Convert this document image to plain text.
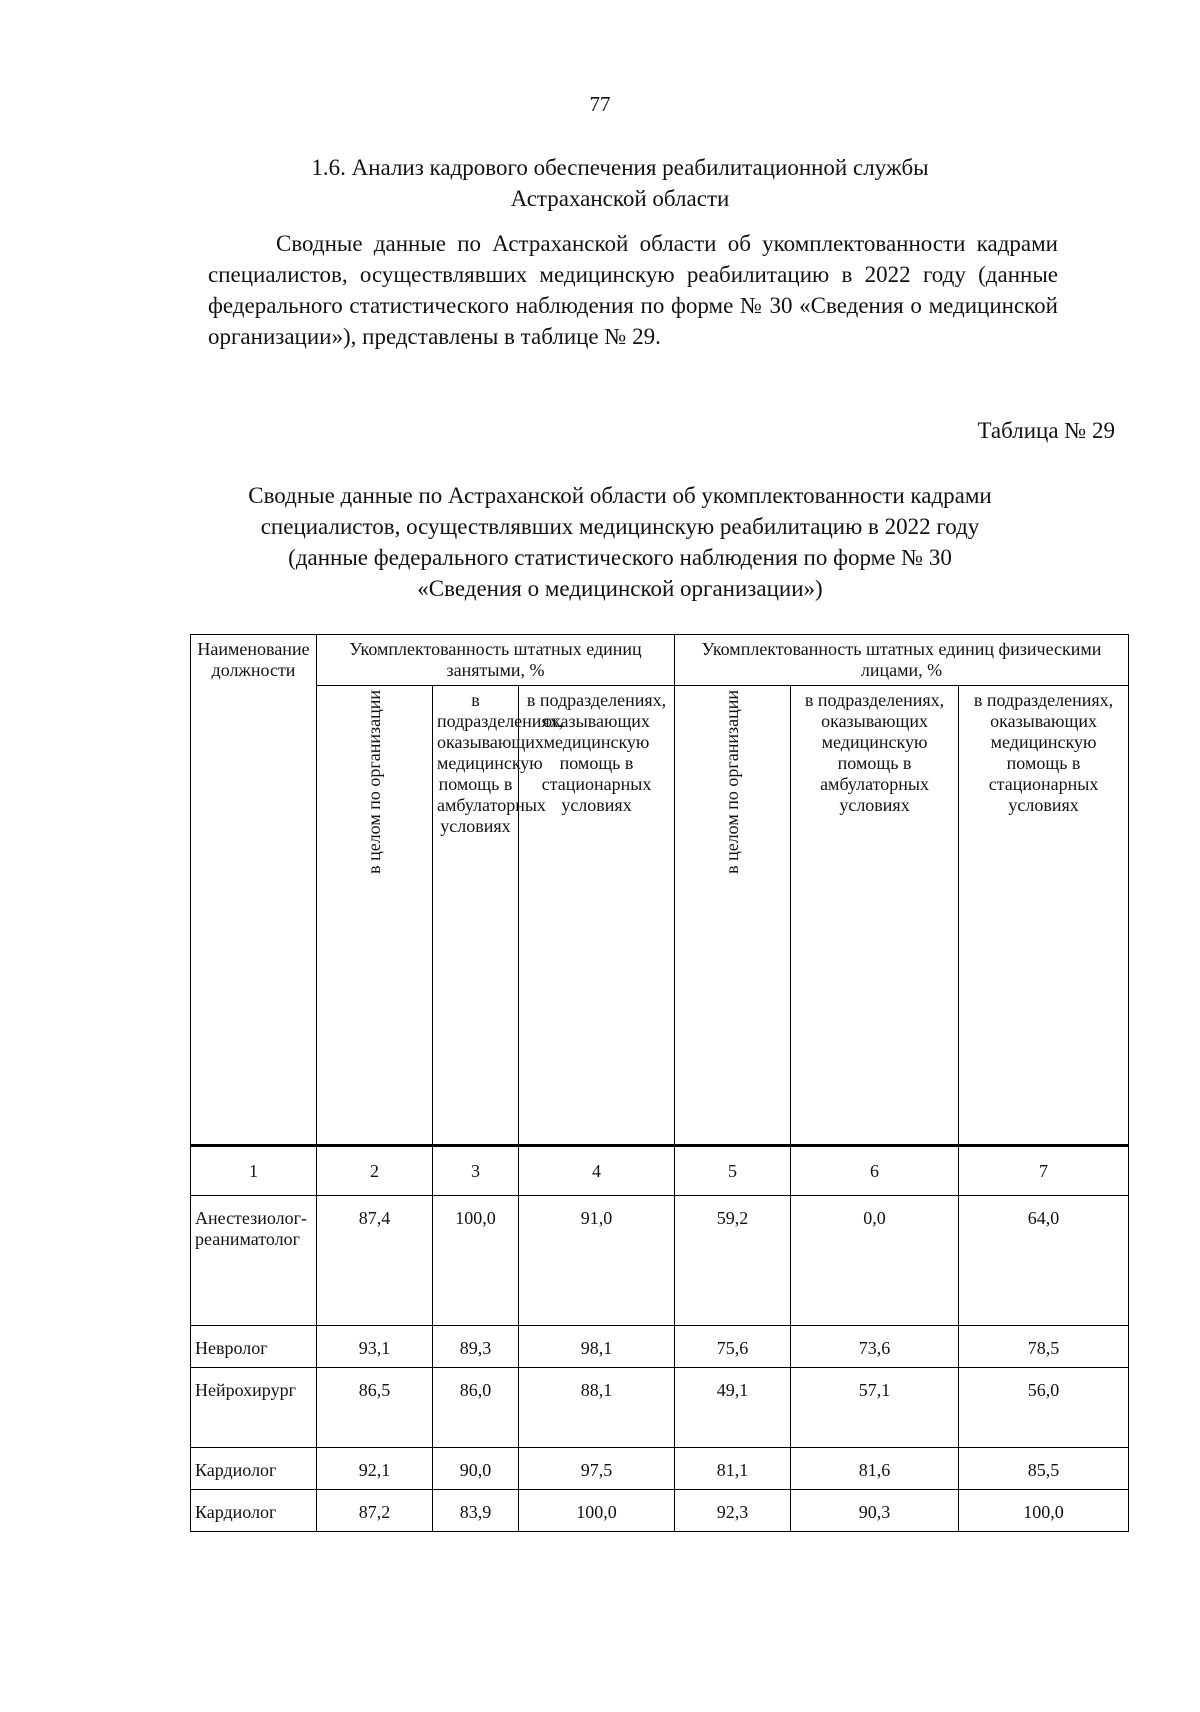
77
1.6. Анализ кадрового обеспечения реабилитационной службы
Астраханской области

Сводные данные по Астраханской области об укомплектованности кадрами специалистов, осуществлявших медицинскую реабилитацию в 2022 году (данные федерального статистического наблюдения по форме № 30 «Сведения о медицинской организации»), представлены в таблице № 29.

Таблица № 29
Сводные данные по Астраханской области об укомплектованности кадрами
специалистов, осуществлявших медицинскую реабилитацию в 2022 году
(данные федерального статистического наблюдения по форме № 30
«Сведения о медицинской организации»)
Наименование должности	Укомплектованность штатных единиц занятыми, %			Укомплектованность штатных единиц физическими лицами, %		
	в целом по организации	в подразделениях, оказывающих медицинскую помощь в амбулаторных условиях	в подразделениях, оказывающих медицинскую помощь в стационарных условиях	в целом по организации	в подразделениях, оказывающих медицинскую помощь в амбулаторных условиях	в подразделениях, оказывающих медицинскую помощь в стационарных условиях
1	2	3	4	5	6	7
Анестезиолог-реаниматолог	87,4	100,0	91,0	59,2	0,0	64,0
Невролог	93,1	89,3	98,1	75,6	73,6	78,5
Нейрохирург	86,5	86,0	88,1	49,1	57,1	56,0
Кардиолог	92,1	90,0	97,5	81,1	81,6	85,5
Кардиолог	87,2	83,9	100,0	92,3	90,3	100,0
